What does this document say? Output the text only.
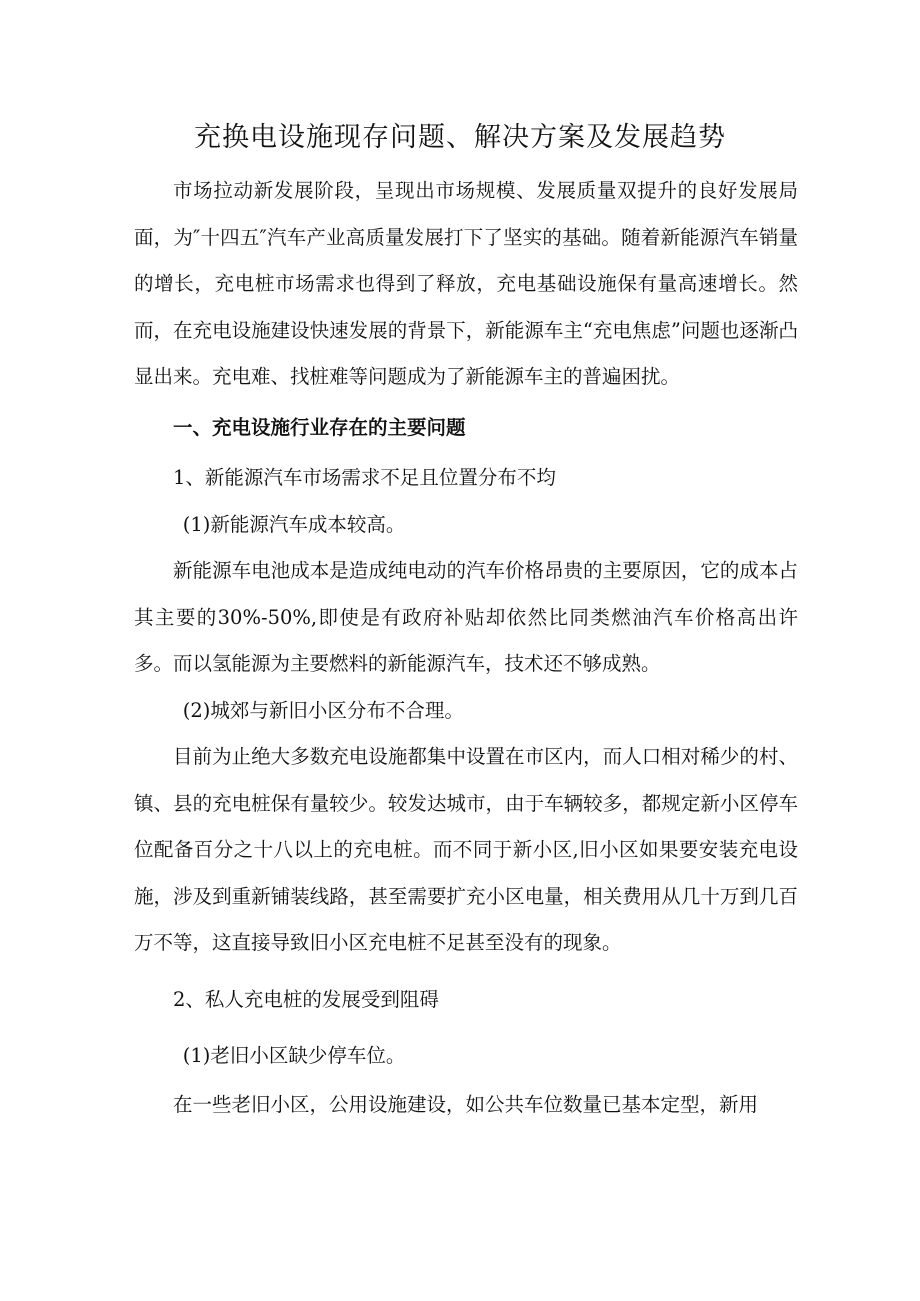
充换电设施现存问题、解决方案及发展趋势

市场拉动新发展阶段，呈现出市场规模、发展质量双提升的良好发展局面，为″十四五″汽车产业高质量发展打下了坚实的基础。随着新能源汽车销量的增长，充电桩市场需求也得到了释放，充电基础设施保有量高速增长。然而，在充电设施建设快速发展的背景下，新能源车主“充电焦虑”问题也逐渐凸显出来。充电难、找桩难等问题成为了新能源车主的普遍困扰。

一、充电设施行业存在的主要问题

1、新能源汽车市场需求不足且位置分布不均

(1)新能源汽车成本较高。

新能源车电池成本是造成纯电动的汽车价格昂贵的主要原因，它的成本占其主要的30%-50%,即使是有政府补贴却依然比同类燃油汽车价格高出许多。而以氢能源为主要燃料的新能源汽车，技术还不够成熟。

(2)城郊与新旧小区分布不合理。

目前为止绝大多数充电设施都集中设置在市区内，而人口相对稀少的村、镇、县的充电桩保有量较少。较发达城市，由于车辆较多，都规定新小区停车位配备百分之十八以上的充电桩。而不同于新小区,旧小区如果要安装充电设施，涉及到重新铺装线路，甚至需要扩充小区电量，相关费用从几十万到几百万不等，这直接导致旧小区充电桩不足甚至没有的现象。

2、私人充电桩的发展受到阻碍

(1)老旧小区缺少停车位。

在一些老旧小区，公用设施建设，如公共车位数量已基本定型，新用
